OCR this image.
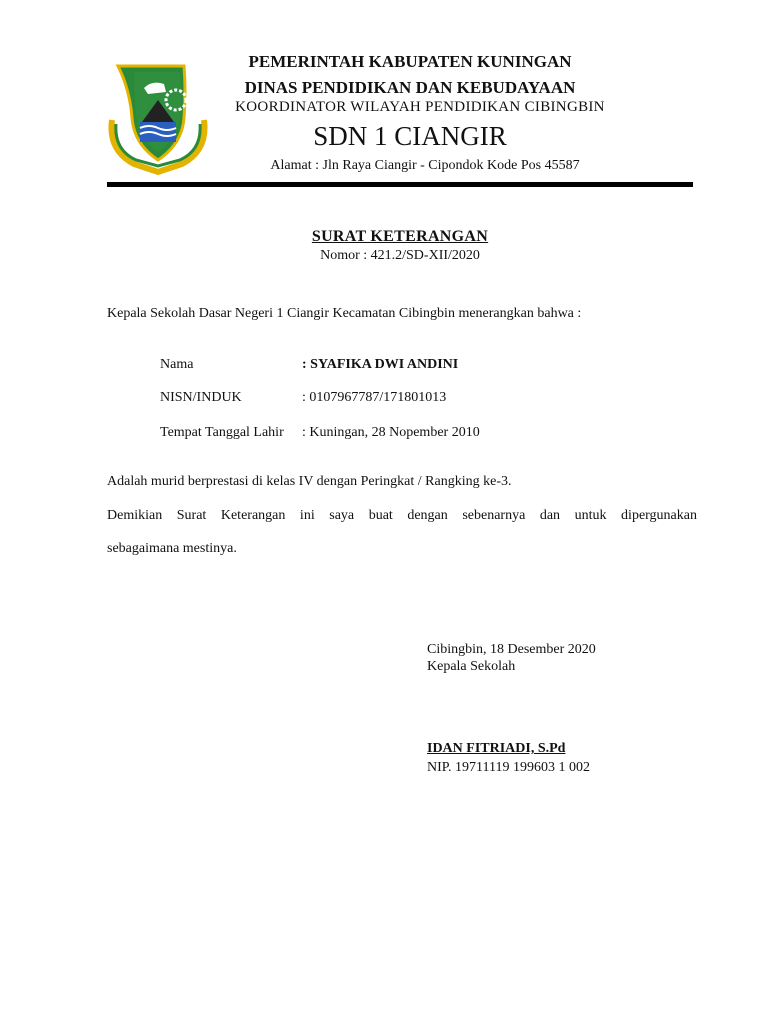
PEMERINTAH KABUPATEN KUNINGAN
DINAS PENDIDIKAN DAN KEBUDAYAAN
KOORDINATOR WILAYAH PENDIDIKAN CIBINGBIN
SDN 1 CIANGIR
Alamat : Jln Raya Ciangir - Cipondok Kode Pos 45587
SURAT KETERANGAN
Nomor : 421.2/SD-XII/2020
Kepala Sekolah Dasar Negeri 1 Ciangir Kecamatan Cibingbin menerangkan bahwa :
Nama	: SYAFIKA DWI ANDINI
NISN/INDUK	: 0107967787/171801013
Tempat Tanggal Lahir : Kuningan, 28 Nopember 2010
Adalah murid berprestasi di kelas IV dengan Peringkat / Rangking ke-3.
Demikian Surat Keterangan ini saya buat dengan sebenarnya dan untuk dipergunakan
sebagaimana mestinya.
Cibingbin, 18 Desember 2020
Kepala Sekolah
IDAN FITRIADI, S.Pd
NIP. 19711119 199603 1 002
